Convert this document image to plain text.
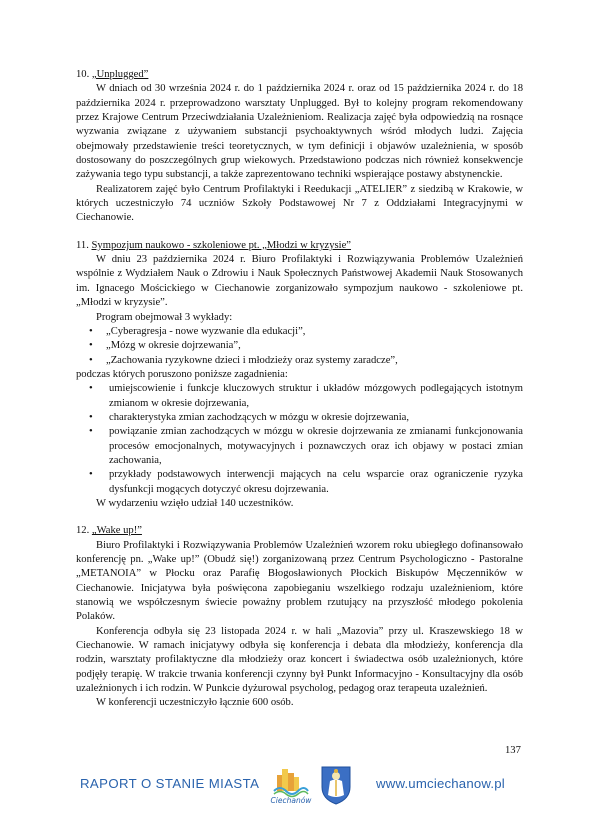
10. „Unplugged”

W dniach od 30 września 2024 r. do 1 października 2024 r. oraz od 15 października 2024 r. do 18 października 2024 r. przeprowadzono warsztaty Unplugged. Był to kolejny program rekomendowany przez Krajowe Centrum Przeciwdziałania Uzależnieniom. Realizacja zajęć była odpowiedzią na rosnące wyzwania związane z używaniem substancji psychoaktywnych wśród młodych ludzi. Zajęcia obejmowały przedstawienie treści teoretycznych, w tym definicji i objawów uzależnienia, w sposób dostosowany do poszczególnych grup wiekowych. Przedstawiono podczas nich również konsekwencje zażywania tego typu substancji, a także zaprezentowano techniki wspierające postawy abstynenckie.

Realizatorem zajęć było Centrum Profilaktyki i Reedukacji „ATELIER” z siedzibą w Krakowie, w których uczestniczyło 74 uczniów Szkoły Podstawowej Nr 7 z Oddziałami Integracyjnymi w Ciechanowie.

11. Sympozjum naukowo - szkoleniowe pt. „Młodzi w kryzysie”

W dniu 23 października 2024 r. Biuro Profilaktyki i Rozwiązywania Problemów Uzależnień wspólnie z Wydziałem Nauk o Zdrowiu i Nauk Społecznych Państwowej Akademii Nauk Stosowanych im. Ignacego Mościckiego w Ciechanowie zorganizowało sympozjum naukowo - szkoleniowe pt. „Młodzi w kryzysie”.

Program obejmował 3 wykłady:

• „Cyberagresja - nowe wyzwanie dla edukacji”,
• „Mózg w okresie dojrzewania”,
• „Zachowania ryzykowne dzieci i młodzieży oraz systemy zaradcze”,

podczas których poruszono poniższe zagadnienia:

• umiejscowienie i funkcje kluczowych struktur i układów mózgowych podlegających istotnym zmianom w okresie dojrzewania,
• charakterystyka zmian zachodzących w mózgu w okresie dojrzewania,
• powiązanie zmian zachodzących w mózgu w okresie dojrzewania ze zmianami funkcjonowania procesów emocjonalnych, motywacyjnych i poznawczych oraz ich objawy w postaci zmian zachowania,
• przykłady podstawowych interwencji mających na celu wsparcie oraz ograniczenie ryzyka dysfunkcji mogących dotyczyć okresu dojrzewania.

W wydarzeniu wzięło udział 140 uczestników.

12. „Wake up!”

Biuro Profilaktyki i Rozwiązywania Problemów Uzależnień wzorem roku ubiegłego dofinansowało konferencję pn. „Wake up!” (Obudź się!) zorganizowaną przez Centrum Psychologiczno - Pastoralne „METANOIA” w Płocku oraz Parafię Błogosławionych Płockich Biskupów Męczenników w Ciechanowie. Inicjatywa była poświęcona zapobieganiu wszelkiego rodzaju uzależnieniom, które stanowią we współczesnym świecie poważny problem rzutujący na przyszłość młodego pokolenia Polaków.

Konferencja odbyła się 23 listopada 2024 r. w hali „Mazovia” przy ul. Kraszewskiego 18 w Ciechanowie. W ramach inicjatywy odbyła się konferencja i debata dla młodzieży, konferencja dla rodzin, warsztaty profilaktyczne dla młodzieży oraz koncert i świadectwa osób uzależnionych, które podjęły terapię. W trakcie trwania konferencji czynny był Punkt Informacyjno - Konsultacyjny dla osób uzależnionych i ich rodzin. W Punkcie dyżurowal psycholog, pedagog oraz terapeuta uzależnień.

W konferencji uczestniczyło łącznie 600 osób.

137
RAPORT O STANIE MIASTA
Ciechanów
www.umciechanow.pl
